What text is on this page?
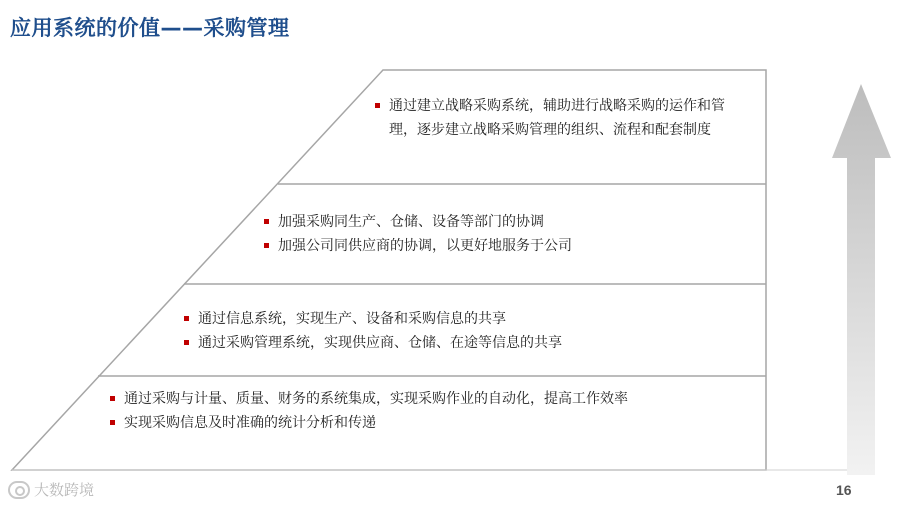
应用系统的价值——采购管理
通过建立战略采购系统，辅助进行战略采购的运作和管理，逐步建立战略采购管理的组织、流程和配套制度
加强采购同生产、仓储、设备等部门的协调
加强公司同供应商的协调，以更好地服务于公司
通过信息系统，实现生产、设备和采购信息的共享
通过采购管理系统，实现供应商、仓储、在途等信息的共享
通过采购与计量、质量、财务的系统集成，实现采购作业的自动化，提高工作效率
实现采购信息及时准确的统计分析和传递
大数跨境	16
